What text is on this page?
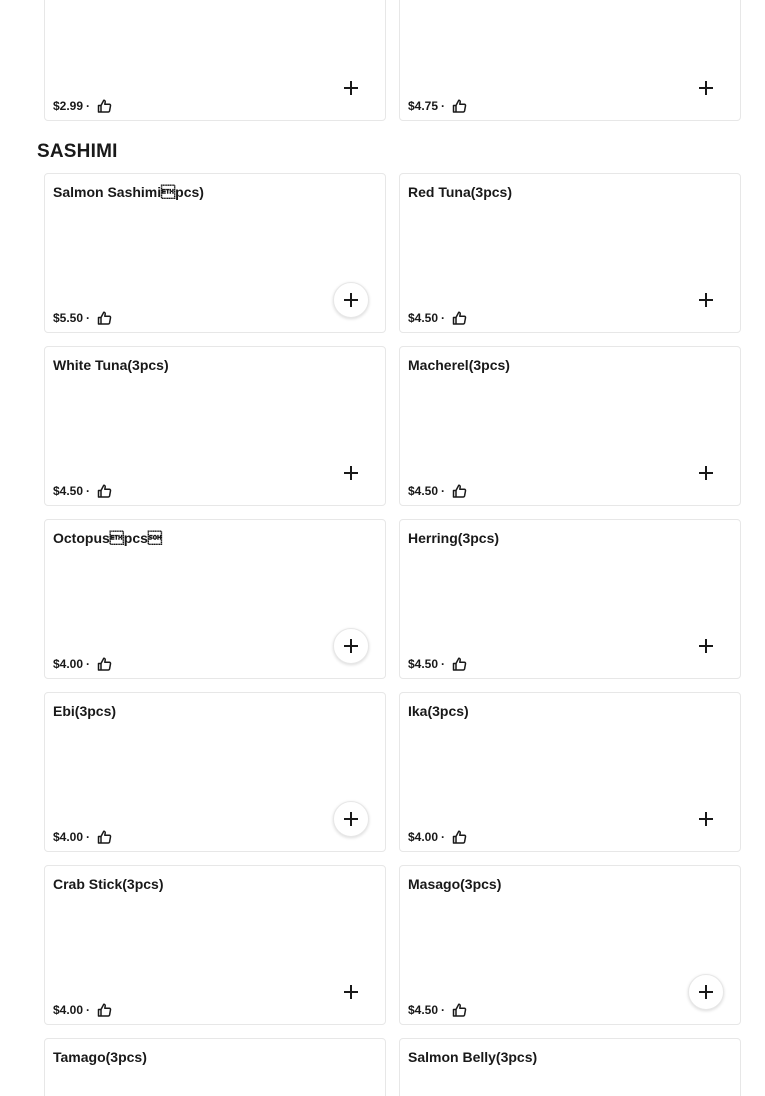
$2.99 ·	$4.75 ·
SASHIMI
Salmon Sashimipcs)
$5.50 ·
Red Tuna(3pcs)
$4.50 ·
White Tuna(3pcs)
$4.50 ·
Macherel(3pcs)
$4.50 ·
Octopuspcs
$4.00 ·
Herring(3pcs)
$4.50 ·
Ebi(3pcs)
$4.00 ·
Ika(3pcs)
$4.00 ·
Crab Stick(3pcs)
$4.00 ·
Masago(3pcs)
$4.50 ·
Tamago(3pcs)	Salmon Belly(3pcs)
